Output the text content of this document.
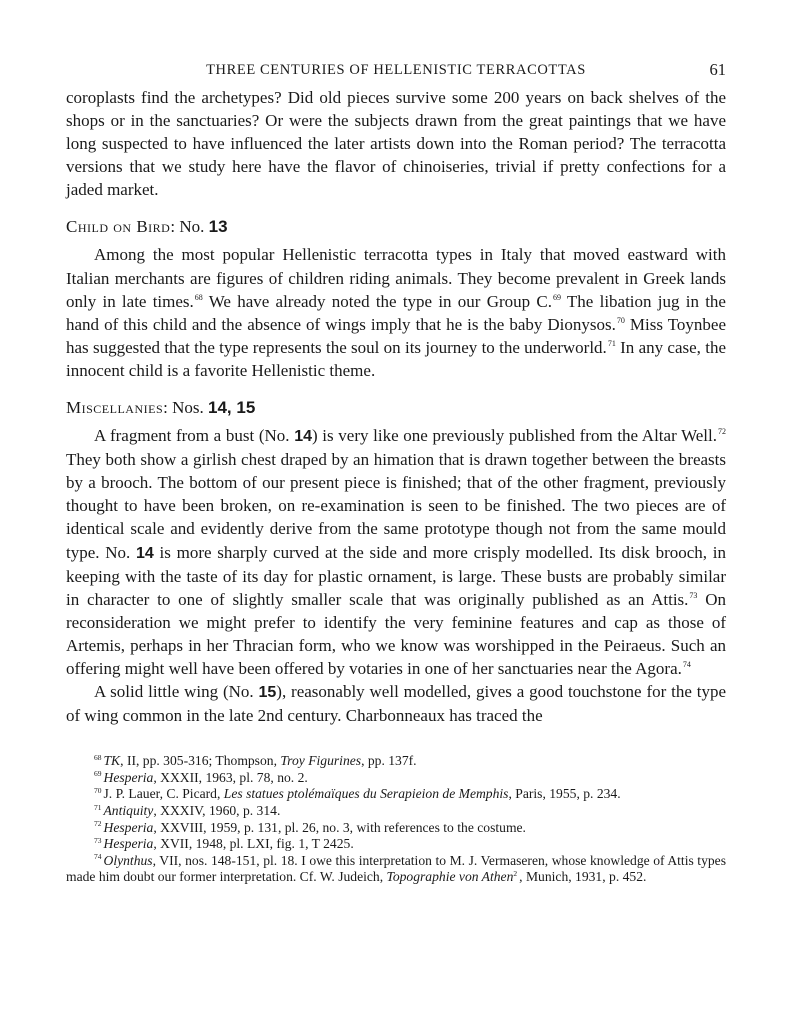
THREE CENTURIES OF HELLENISTIC TERRACOTTAS	61

coroplasts find the archetypes? Did old pieces survive some 200 years on back shelves of the shops or in the sanctuaries? Or were the subjects drawn from the great paintings that we have long suspected to have influenced the later artists down into the Roman period? The terracotta versions that we study here have the flavor of chinoiseries, trivial if pretty confections for a jaded market.

Child on Bird: No. 13

Among the most popular Hellenistic terracotta types in Italy that moved eastward with Italian merchants are figures of children riding animals. They become prevalent in Greek lands only in late times.$^{68}$ We have already noted the type in our Group C.$^{69}$ The libation jug in the hand of this child and the absence of wings imply that he is the baby Dionysos.$^{70}$ Miss Toynbee has suggested that the type represents the soul on its journey to the underworld.$^{71}$ In any case, the innocent child is a favorite Hellenistic theme.

Miscellanies: Nos. 14, 15

A fragment from a bust (No. 14) is very like one previously published from the Altar Well.$^{72}$ They both show a girlish chest draped by an himation that is drawn together between the breasts by a brooch. The bottom of our present piece is finished; that of the other fragment, previously thought to have been broken, on re-examination is seen to be finished. The two pieces are of identical scale and evidently derive from the same prototype though not from the same mould type. No. 14 is more sharply curved at the side and more crisply modelled. Its disk brooch, in keeping with the taste of its day for plastic ornament, is large. These busts are probably similar in character to one of slightly smaller scale that was originally published as an Attis.$^{73}$ On reconsideration we might prefer to identify the very feminine features and cap as those of Artemis, perhaps in her Thracian form, who we know was worshipped in the Peiraeus. Such an offering might well have been offered by votaries in one of her sanctuaries near the Agora.$^{74}$

A solid little wing (No. 15), reasonably well modelled, gives a good touchstone for the type of wing common in the late 2nd century. Charbonneaux has traced the

$^{68}$ TK, II, pp. 305-316; Thompson, Troy Figurines, pp. 137f.
$^{69}$ Hesperia, XXXII, 1963, pl. 78, no. 2.
$^{70}$ J. P. Lauer, C. Picard, Les statues ptolémaïques du Serapieion de Memphis, Paris, 1955, p. 234.
$^{71}$ Antiquity, XXXIV, 1960, p. 314.
$^{72}$ Hesperia, XXVIII, 1959, p. 131, pl. 26, no. 3, with references to the costume.
$^{73}$ Hesperia, XVII, 1948, pl. LXI, fig. 1, T 2425.
$^{74}$ Olynthus, VII, nos. 148-151, pl. 18. I owe this interpretation to M. J. Vermaseren, whose knowledge of Attis types made him doubt our former interpretation. Cf. W. Judeich, Topographie von Athen$^2$ , Munich, 1931, p. 452.
